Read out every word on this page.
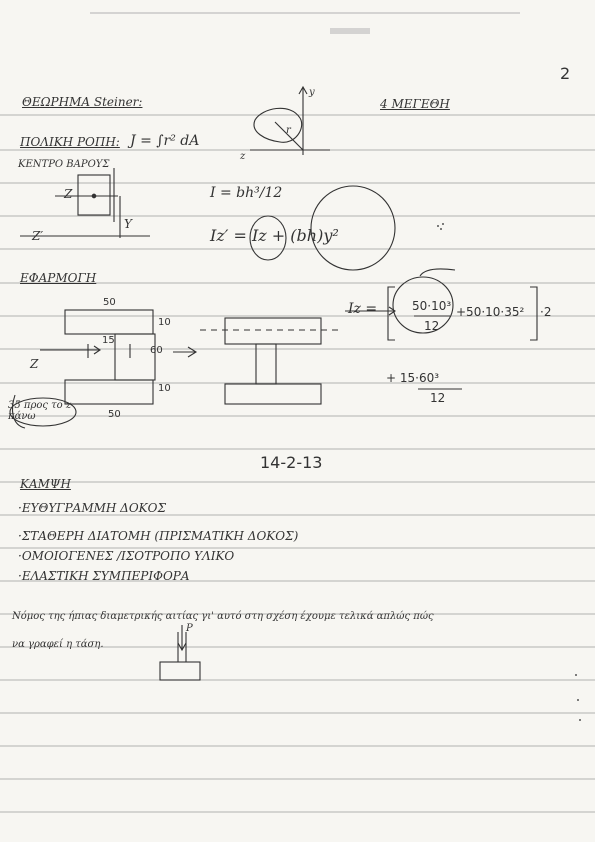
2
ΘΕΩΡΗΜΑ Steiner:	4 ΜΕΓΕΘΗ
ΠΟΛΙΚΗ ΡΟΠΗ: J = ∫r² dA
ΚΕΝΤΡΟ ΒΑΡΟΥΣ
Z
Y
Z′
y
r
z
I = bh³/12
Iz′ = Iz + (bh)y²
ΕΦΑΡΜΟΓΗ
50
10
15
60
10
50
Z
35 προς το z πάνω
Iz =	50·10³
12
+50·10·35² ·2
+ 15·60³
12
14-2-13
ΚΑΜΨΗ
·ΕΥΘΥΓΡΑΜΜΗ ΔΟΚΟΣ
·ΣΤΑΘΕΡΗ ΔΙΑΤΟΜΗ (ΠΡΙΣΜΑΤΙΚΗ ΔΟΚΟΣ)
·ΟΜΟΙΟΓΕΝΕΣ /ΙΣΟΤΡΟΠΟ ΥΛΙΚΟ
·ΕΛΑΣΤΙΚΗ ΣΥΜΠΕΡΙΦΟΡΑ
Νόμος της ήπιας διαμετρικής αιτίας γι' αυτό στη σχέση έχουμε τελικά απλώς πώς
να γραφεί η τάση.
P
